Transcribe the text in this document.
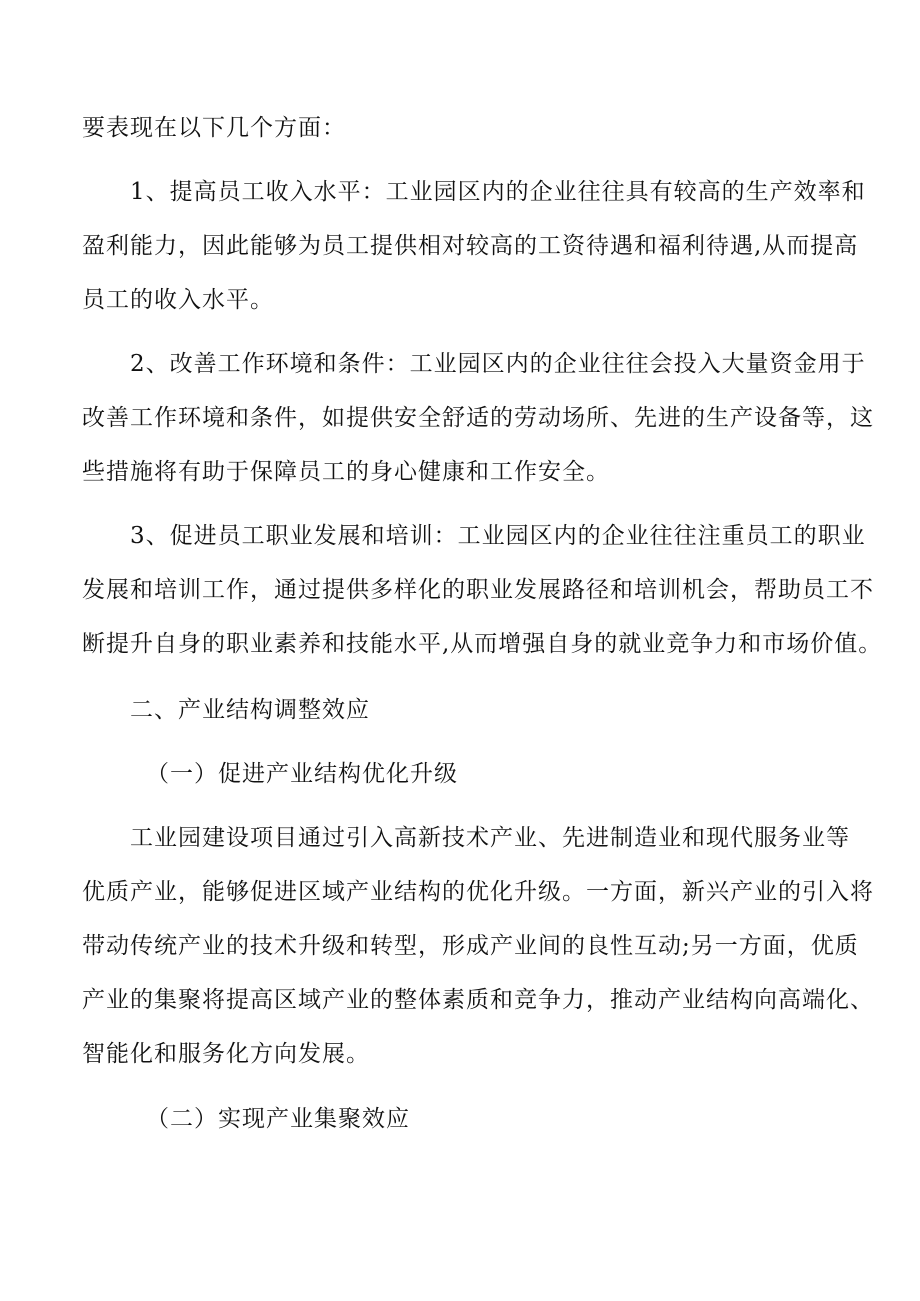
要表现在以下几个方面：
1、提高员工收入水平：工业园区内的企业往往具有较高的生产效率和
盈利能力，因此能够为员工提供相对较高的工资待遇和福利待遇,从而提高
员工的收入水平。
2、改善工作环境和条件：工业园区内的企业往往会投入大量资金用于
改善工作环境和条件，如提供安全舒适的劳动场所、先进的生产设备等，这
些措施将有助于保障员工的身心健康和工作安全。
3、促进员工职业发展和培训：工业园区内的企业往往注重员工的职业
发展和培训工作，通过提供多样化的职业发展路径和培训机会，帮助员工不
断提升自身的职业素养和技能水平,从而增强自身的就业竞争力和市场价值。
二、产业结构调整效应
（一）促进产业结构优化升级
工业园建设项目通过引入高新技术产业、先进制造业和现代服务业等
优质产业，能够促进区域产业结构的优化升级。一方面，新兴产业的引入将
带动传统产业的技术升级和转型，形成产业间的良性互动;另一方面，优质
产业的集聚将提高区域产业的整体素质和竞争力，推动产业结构向高端化、
智能化和服务化方向发展。
（二）实现产业集聚效应
